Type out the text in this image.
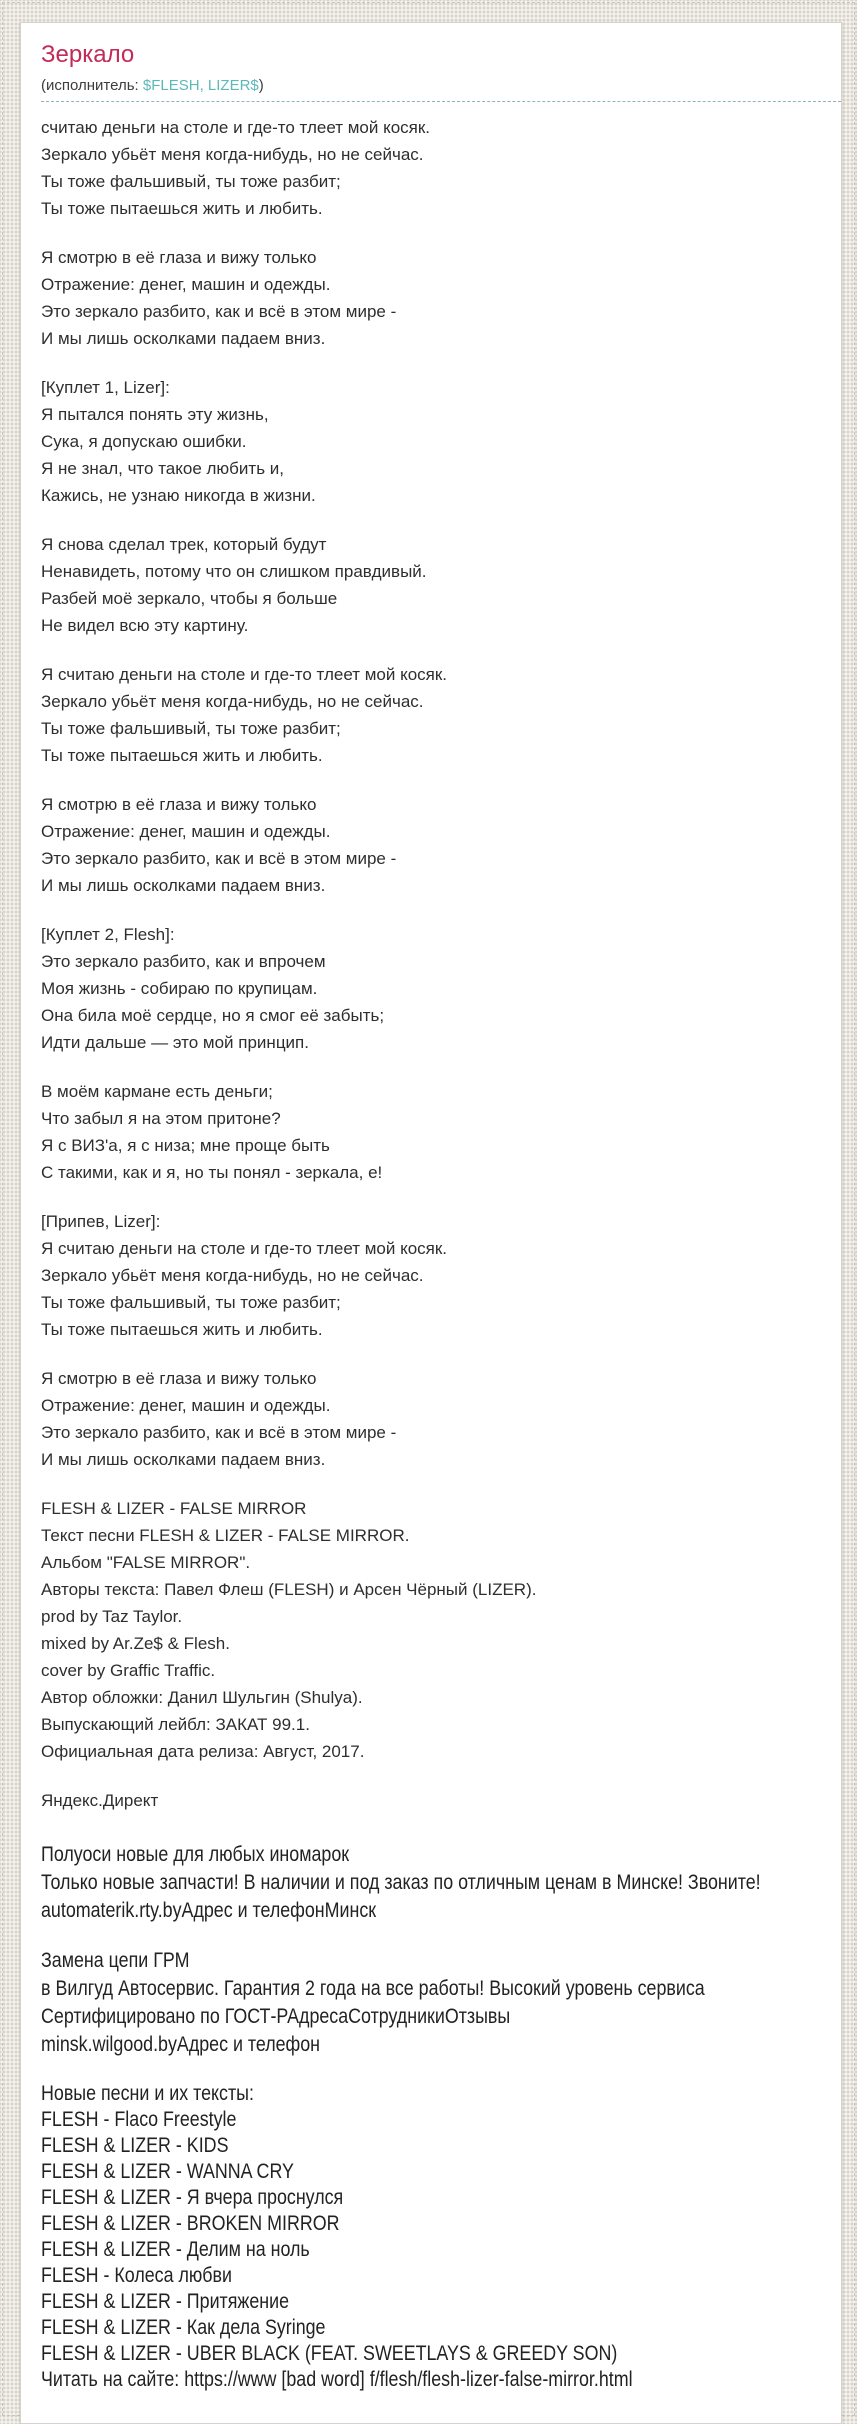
Зеркало
(исполнитель: $FLESH, LIZER$)

считаю деньги на столе и где-то тлеет мой косяк.
Зеркало убьёт меня когда-нибудь, но не сейчас.
Ты тоже фальшивый, ты тоже разбит;
Ты тоже пытаешься жить и любить.

Я смотрю в её глаза и вижу только
Отражение: денег, машин и одежды.
Это зеркало разбито, как и всё в этом мире -
И мы лишь осколками падаем вниз.

[Куплет 1, Lizer]:
Я пытался понять эту жизнь,
Сука, я допускаю ошибки.
Я не знал, что такое любить и,
Кажись, не узнаю никогда в жизни.

Я снова сделал трек, который будут
Ненавидеть, потому что он слишком правдивый.
Разбей моё зеркало, чтобы я больше
Не видел всю эту картину.

Я считаю деньги на столе и где-то тлеет мой косяк.
Зеркало убьёт меня когда-нибудь, но не сейчас.
Ты тоже фальшивый, ты тоже разбит;
Ты тоже пытаешься жить и любить.

Я смотрю в её глаза и вижу только
Отражение: денег, машин и одежды.
Это зеркало разбито, как и всё в этом мире -
И мы лишь осколками падаем вниз.

[Куплет 2, Flesh]:
Это зеркало разбито, как и впрочем
Моя жизнь - собираю по крупицам.
Она била моё сердце, но я смог её забыть;
Идти дальше — это мой принцип.

В моём кармане есть деньги;
Что забыл я на этом притоне?
Я с ВИЗ'а, я с низа; мне проще быть
С такими, как и я, но ты понял - зеркала, е!

[Припев, Lizer]:
Я считаю деньги на столе и где-то тлеет мой косяк.
Зеркало убьёт меня когда-нибудь, но не сейчас.
Ты тоже фальшивый, ты тоже разбит;
Ты тоже пытаешься жить и любить.

Я смотрю в её глаза и вижу только
Отражение: денег, машин и одежды.
Это зеркало разбито, как и всё в этом мире -
И мы лишь осколками падаем вниз.

FLESH & LIZER - FALSE MIRROR
Текст песни FLESH & LIZER - FALSE MIRROR.
Альбом "FALSE MIRROR".
Авторы текста: Павел Флеш (FLESH) и Арсен Чёрный (LIZER).
prod by Taz Taylor.
mixed by Ar.Ze$ & Flesh.
cover by Graffic Traffic.
Автор обложки: Данил Шульгин (Shulya).
Выпускающий лейбл: ЗАКАТ 99.1.
Официальная дата релиза: Август, 2017.

Яндекс.Директ
Полуоси новые для любых иномарок
Только новые запчасти! В наличии и под заказ по отличным ценам в Минске! Звоните!
automaterik.rty.byАдрес и телефонМинск
Замена цепи ГРМ
в Вилгуд Автосервис. Гарантия 2 года на все работы! Высокий уровень сервиса
Сертифицировано по ГОСТ-РАдресаСотрудникиОтзывы
minsk.wilgood.byАдрес и телефон
Новые песни и их тексты:
FLESH - Flaco Freestyle
FLESH & LIZER - KIDS
FLESH & LIZER - WANNA CRY
FLESH & LIZER - Я вчера проснулся
FLESH & LIZER - BROKEN MIRROR
FLESH & LIZER - Делим на ноль
FLESH - Колеса любви
FLESH & LIZER - Притяжение
FLESH & LIZER - Как дела Syringe
FLESH & LIZER - UBER BLACK (FEAT. SWEETLAYS & GREEDY SON)
Читать на сайте: https://www [bad word] f/flesh/flesh-lizer-false-mirror.html
